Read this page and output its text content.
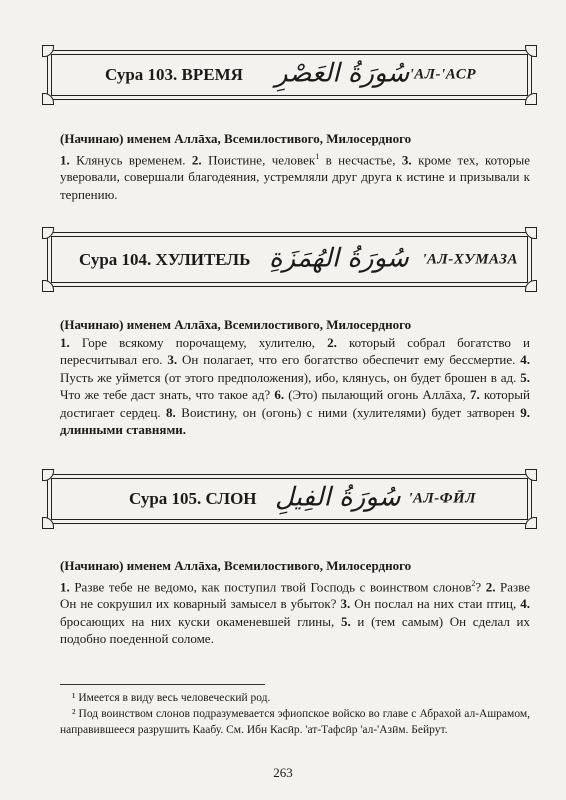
Сура 103. ВРЕМЯ سُورَةُ العَصْرِ 'АЛ-'АСР

(Начинаю) именем Аллāха, Всемилостивого, Милосердного

1. Клянусь временем. 2. Поистине, человек$^1$ в несчастье, 3. кроме тех, которые уверовали, совершали благодеяния, устремляли друг друга к истине и призывали к терпению.

Сура 104. ХУЛИТЕЛЬ سُورَةُ الهُمَزَةِ 'АЛ-ХУМАЗА

(Начинаю) именем Аллāха, Всемилостивого, Милосердного

1. Горе всякому порочащему, хулителю, 2. который собрал богатство и пересчитывал его. 3. Он полагает, что его богатство обеспечит ему бессмертие. 4. Пусть же уймется (от этого предположения), ибо, клянусь, он будет брошен в ад. 5. Что же тебе даст знать, что такое ад? 6. (Это) пылающий огонь Аллāха, 7. который достигает сердец. 8. Воистину, он (огонь) с ними (хулителями) будет затворен 9. длинными ставнями.

Сура 105. СЛОН سُورَةُ الفِيلِ 'АЛ-ФӢЛ

(Начинаю) именем Аллāха, Всемилостивого, Милосердного

1. Разве тебе не ведомо, как поступил твой Господь с воинством слонов$^2$? 2. Разве Он не сокрушил их коварный замысел в убыток? 3. Он послал на них стаи птиц, 4. бросающих на них куски окаменевшей глины, 5. и (тем самым) Он сделал их подобно поеденной соломе.

¹ Имеется в виду весь человеческий род.

² Под воинством слонов подразумевается эфиопское войско во главе с Абрахой ал-Ашрамом, направившееся разрушить Каабу. См. Ибн Касӣр. 'ат-Тафсӣр 'ал-'Азӣм. Бейрут.

263
